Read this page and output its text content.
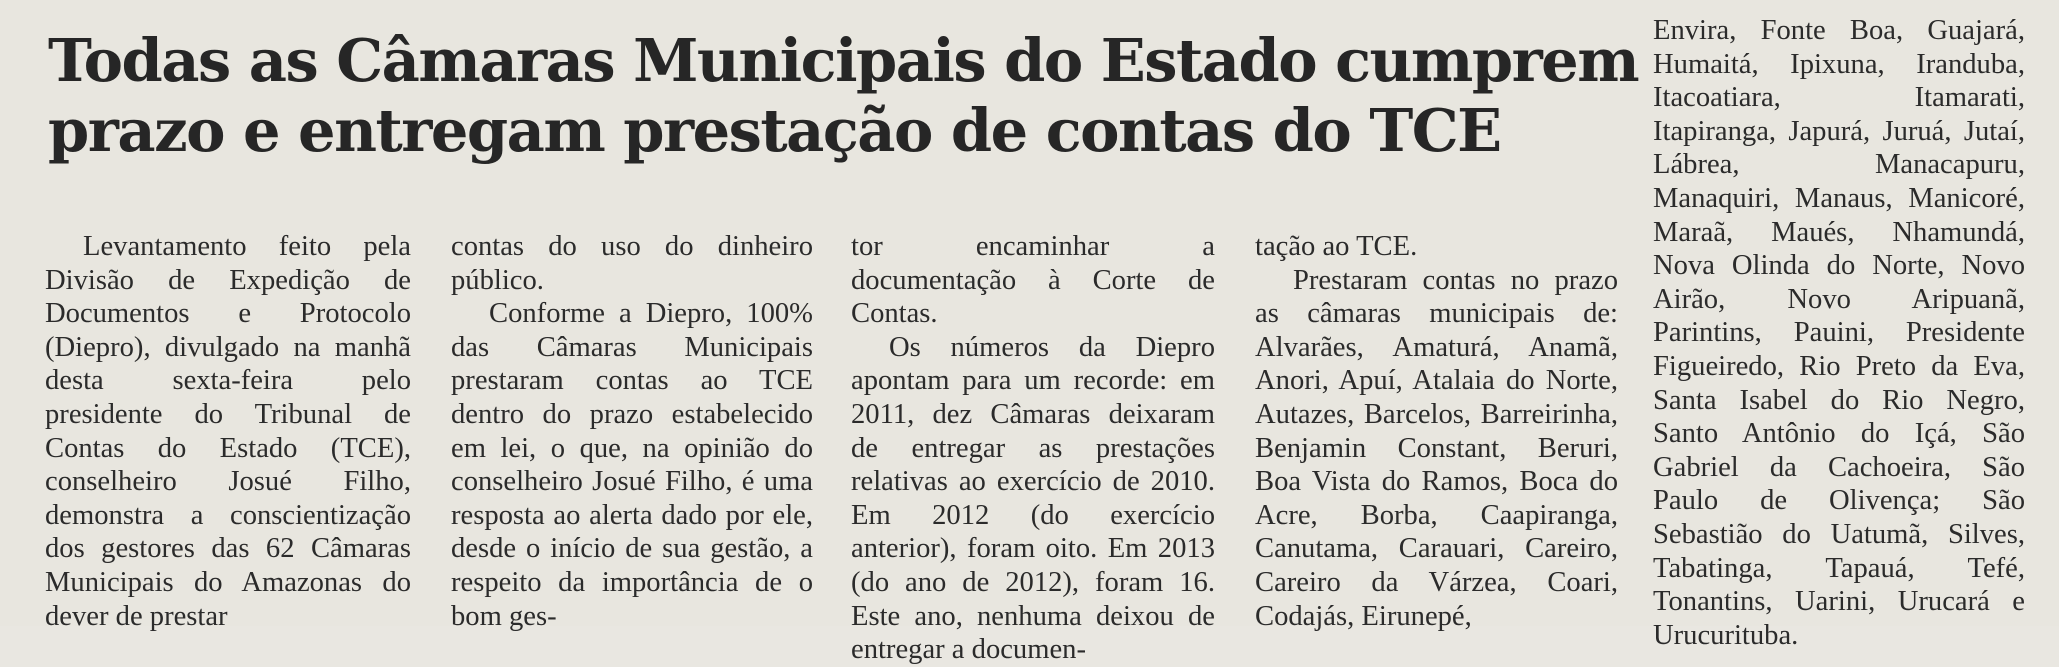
Todas as Câmaras Municipais do Estado cumprem
prazo e entregam prestação de contas do TCE

Levantamento feito pela Divisão de Expedição de Documentos e Protocolo (Diepro), divulgado na manhã desta sexta-feira pelo presidente do Tribunal de Contas do Estado (TCE), conselheiro Josué Filho, demonstra a conscientização dos gestores das 62 Câmaras Municipais do Amazonas do dever de prestar

contas do uso do dinheiro público.

Conforme a Diepro, 100% das Câmaras Municipais prestaram contas ao TCE dentro do prazo estabelecido em lei, o que, na opinião do conselheiro Josué Filho, é uma resposta ao alerta dado por ele, desde o início de sua gestão, a respeito da importância de o bom ges-

tor encaminhar a documentação à Corte de Contas.

Os números da Diepro apontam para um recorde: em 2011, dez Câmaras deixaram de entregar as prestações relativas ao exercício de 2010. Em 2012 (do exercício anterior), foram oito. Em 2013 (do ano de 2012), foram 16. Este ano, nenhuma deixou de entregar a documen-

tação ao TCE.

Prestaram contas no prazo as câmaras municipais de: Alvarães, Amaturá, Anamã, Anori, Apuí, Atalaia do Norte, Autazes, Barcelos, Barreirinha, Benjamin Constant, Beruri, Boa Vista do Ramos, Boca do Acre, Borba, Caapiranga, Canutama, Carauari, Careiro, Careiro da Várzea, Coari, Codajás, Eirunepé,

Envira, Fonte Boa, Guajará, Humaitá, Ipixuna, Iranduba, Itacoatiara, Itamarati, Itapiranga, Japurá, Juruá, Jutaí, Lábrea, Manacapuru, Manaquiri, Manaus, Manicoré, Maraã, Maués, Nhamundá, Nova Olinda do Norte, Novo Airão, Novo Aripuanã, Parintins, Pauini, Presidente Figueiredo, Rio Preto da Eva, Santa Isabel do Rio Negro, Santo Antônio do Içá, São Gabriel da Cachoeira, São Paulo de Olivença; São Sebastião do Uatumã, Silves, Tabatinga, Tapauá, Tefé, Tonantins, Uarini, Urucará e Urucurituba.
